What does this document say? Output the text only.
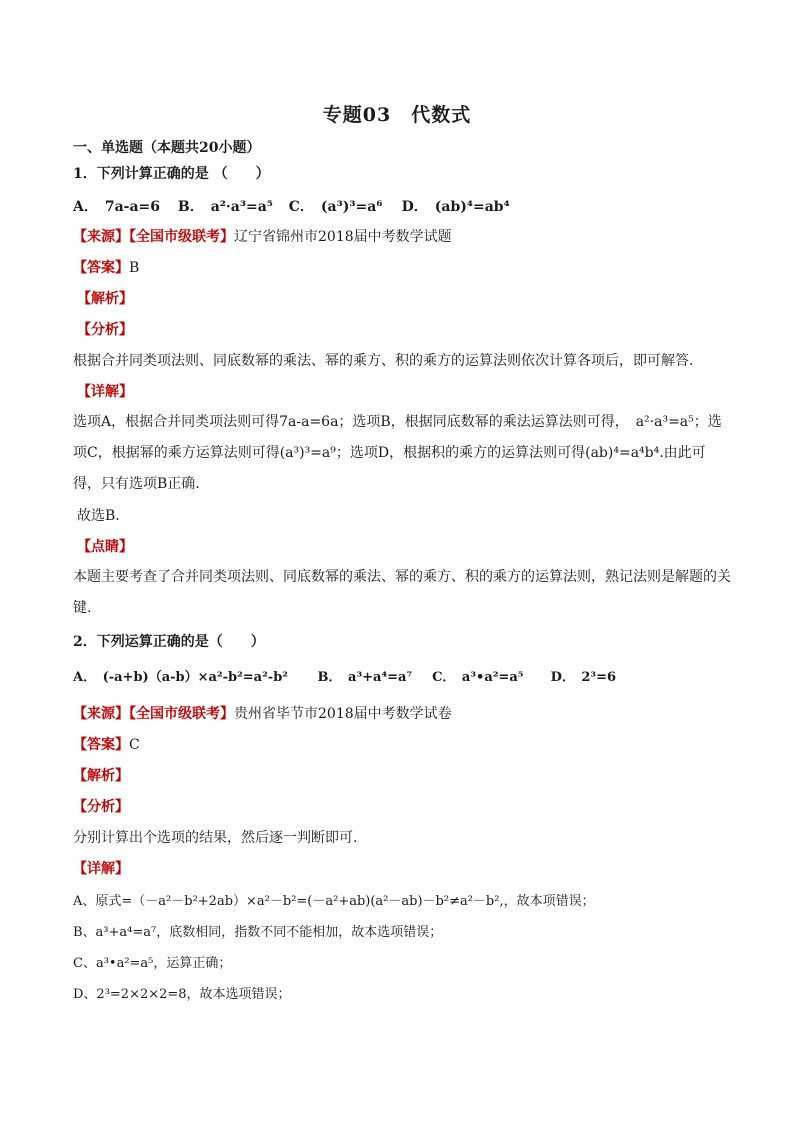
专题03　代数式
一、单选题（本题共20小题）
1．下列计算正确的是 （　　）
A．　7a-a=6 B．　a²·a³=a⁵ C．　(a³)³=a⁶ D．　(ab)⁴=ab⁴
【来源】【全国市级联考】辽宁省锦州市2018届中考数学试题
【答案】B
【解析】
【分析】
根据合并同类项法则、同底数幂的乘法、幂的乘方、积的乘方的运算法则依次计算各项后，即可解答.
【详解】
选项A，根据合并同类项法则可得7a-a=6a；选项B，根据同底数幂的乘法运算法则可得，　a²·a³=a⁵；选项C，根据幂的乘方运算法则可得(a³)³=a⁹；选项D，根据积的乘方的运算法则可得(ab)⁴=a⁴b⁴.由此可得，只有选项B正确.
故选B.
【点睛】
本题主要考查了合并同类项法则、同底数幂的乘法、幂的乘方、积的乘方的运算法则，熟记法则是解题的关键.
2．下列运算正确的是（　　）
A．　(-a+b)（a-b）×a²-b²=a²-b² B．　a³+a⁴=a⁷ C．　a³•a²=a⁵ D．　2³=6
【来源】【全国市级联考】贵州省毕节市2018届中考数学试卷
【答案】C
【解析】
【分析】
分别计算出个选项的结果，然后逐一判断即可.
【详解】
A、原式=（－a²－b²+2ab）×a²－b²=(－a²+ab)(a²－ab)－b²≠a²－b²,，故本项错误；
B、a³+a⁴=a⁷，底数相同，指数不同不能相加，故本选项错误；
C、a³•a²=a⁵，运算正确；
D、2³=2×2×2=8，故本选项错误；
